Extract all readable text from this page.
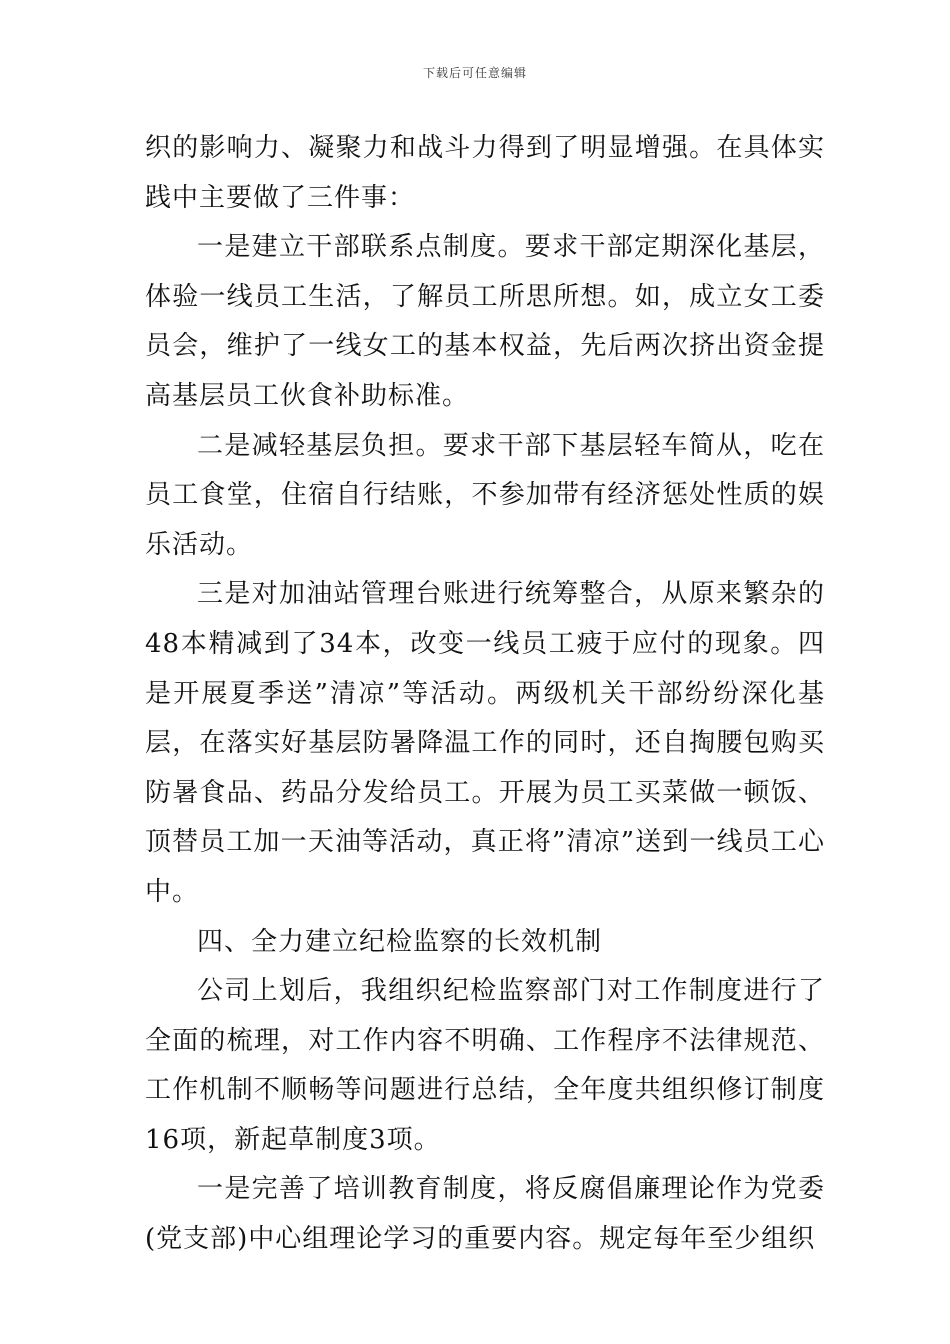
下载后可任意编辑

织的影响力、凝聚力和战斗力得到了明显增强。在具体实践中主要做了三件事：

一是建立干部联系点制度。要求干部定期深化基层，体验一线员工生活，了解员工所思所想。如，成立女工委员会，维护了一线女工的基本权益，先后两次挤出资金提高基层员工伙食补助标准。

二是减轻基层负担。要求干部下基层轻车简从，吃在员工食堂，住宿自行结账，不参加带有经济惩处性质的娱乐活动。

三是对加油站管理台账进行统筹整合，从原来繁杂的48本精减到了34本，改变一线员工疲于应付的现象。四是开展夏季送”清凉”等活动。两级机关干部纷纷深化基层，在落实好基层防暑降温工作的同时，还自掏腰包购买防暑食品、药品分发给员工。开展为员工买菜做一顿饭、顶替员工加一天油等活动，真正将”清凉”送到一线员工心中。

四、全力建立纪检监察的长效机制

公司上划后，我组织纪检监察部门对工作制度进行了全面的梳理，对工作内容不明确、工作程序不法律规范、工作机制不顺畅等问题进行总结，全年度共组织修订制度16项，新起草制度3项。

一是完善了培训教育制度，将反腐倡廉理论作为党委(党支部)中心组理论学习的重要内容。规定每年至少组织
